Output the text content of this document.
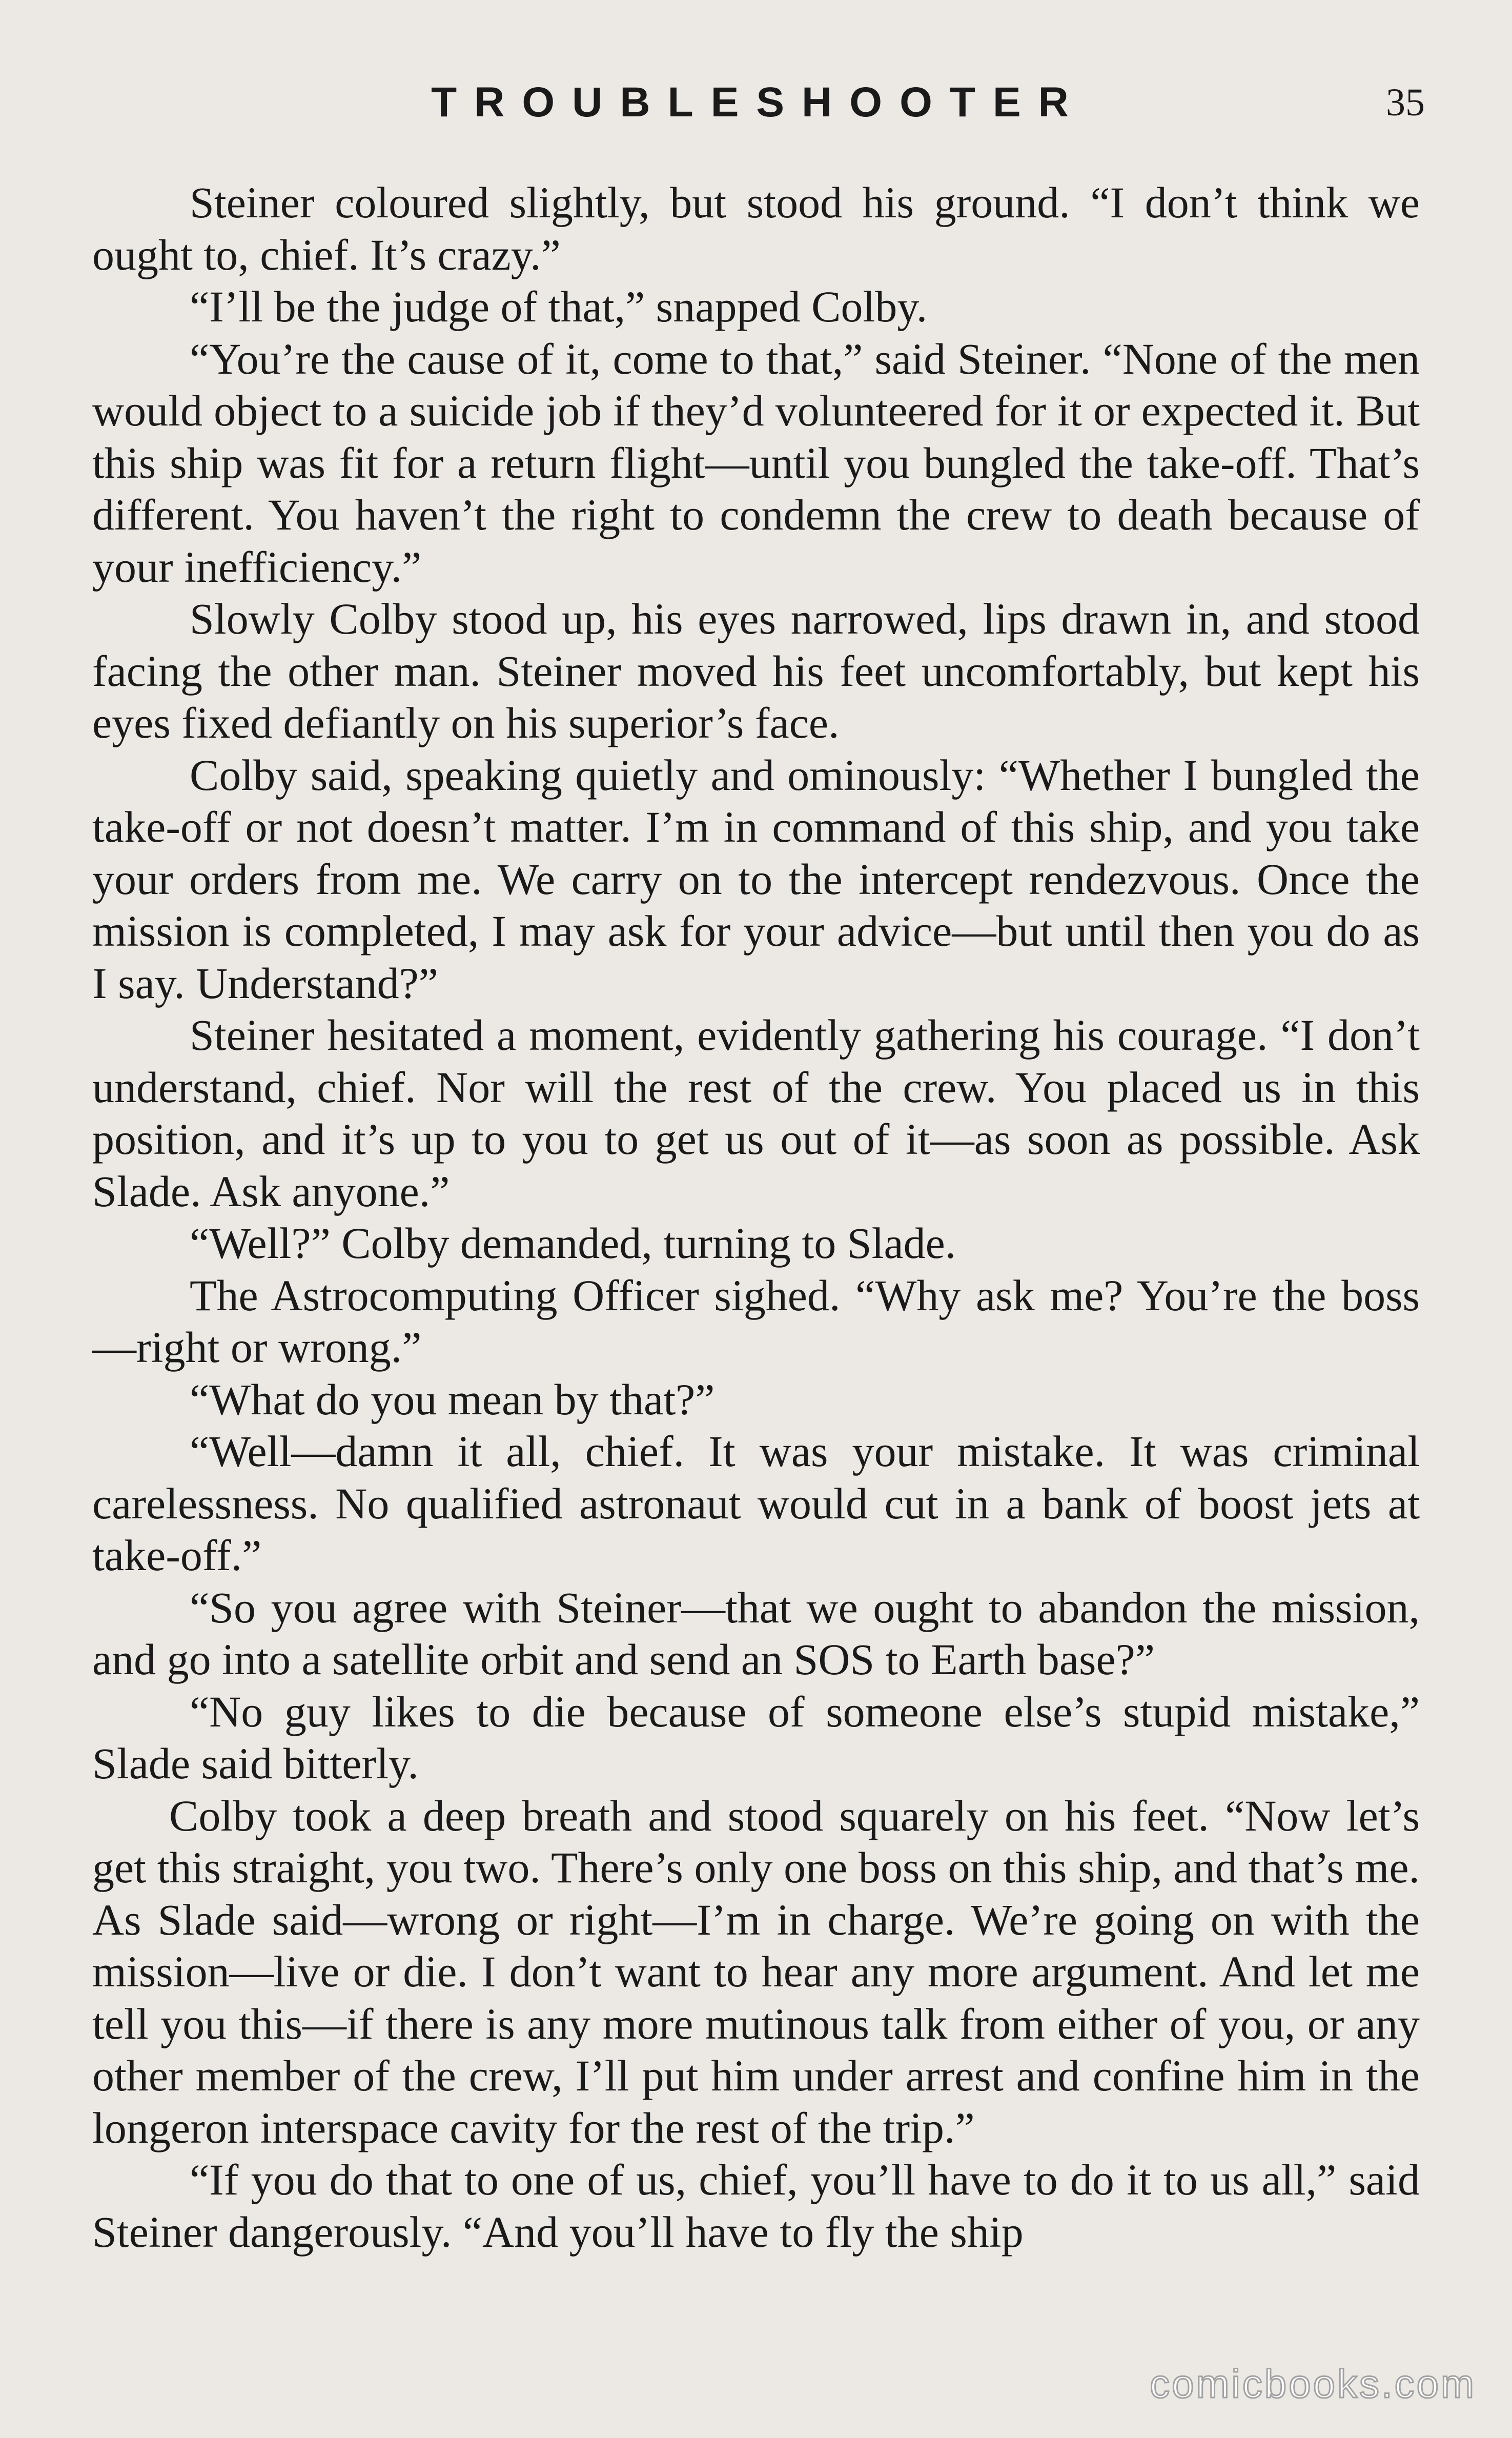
TROUBLESHOOTER	35

Steiner coloured slightly, but stood his ground. “I don’t think we ought to, chief. It’s crazy.”

“I’ll be the judge of that,” snapped Colby.

“You’re the cause of it, come to that,” said Steiner. “None of the men would object to a suicide job if they’d volunteered for it or expected it. But this ship was fit for a return flight—until you bungled the take-off. That’s different. You haven’t the right to condemn the crew to death because of your inefficiency.”

Slowly Colby stood up, his eyes narrowed, lips drawn in, and stood facing the other man. Steiner moved his feet uncomfortably, but kept his eyes fixed defiantly on his superior’s face.

Colby said, speaking quietly and ominously: “Whether I bungled the take-off or not doesn’t matter. I’m in command of this ship, and you take your orders from me. We carry on to the intercept rendezvous. Once the mission is completed, I may ask for your advice—but until then you do as I say. Understand?”

Steiner hesitated a moment, evidently gathering his courage. “I don’t understand, chief. Nor will the rest of the crew. You placed us in this position, and it’s up to you to get us out of it—as soon as possible. Ask Slade. Ask anyone.”

“Well?” Colby demanded, turning to Slade.

The Astrocomputing Officer sighed. “Why ask me? You’re the boss—right or wrong.”

“What do you mean by that?”

“Well—damn it all, chief. It was your mistake. It was criminal carelessness. No qualified astronaut would cut in a bank of boost jets at take-off.”

“So you agree with Steiner—that we ought to abandon the mission, and go into a satellite orbit and send an SOS to Earth base?”

“No guy likes to die because of someone else’s stupid mistake,” Slade said bitterly.

Colby took a deep breath and stood squarely on his feet. “Now let’s get this straight, you two. There’s only one boss on this ship, and that’s me. As Slade said—wrong or right—I’m in charge. We’re going on with the mission—live or die. I don’t want to hear any more argument. And let me tell you this—if there is any more mutinous talk from either of you, or any other member of the crew, I’ll put him under arrest and confine him in the longeron interspace cavity for the rest of the trip.”

“If you do that to one of us, chief, you’ll have to do it to us all,” said Steiner dangerously. “And you’ll have to fly the ship

comicbooks.com
